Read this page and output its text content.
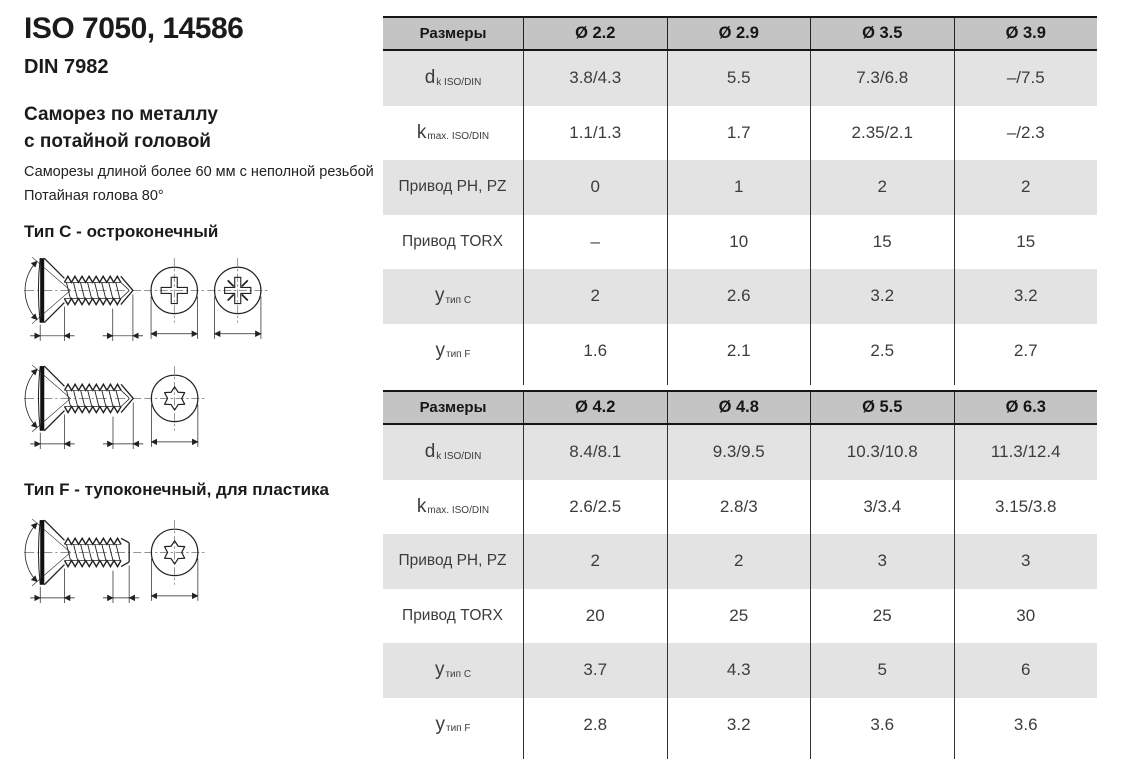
ISO 7050, 14586
DIN 7982
Саморез по металлу
с потайной головой

Саморезы длиной более 60 мм с неполной резьбой
Потайная голова 80°

Тип C - остроконечный
Тип F - тупоконечный, для пластика
Размеры	Ø 2.2	Ø 2.9	Ø 3.5	Ø 3.9
d k ISO/DIN	3.8/4.3	5.5	7.3/6.8	–/7.5
k max. ISO/DIN	1.1/1.3	1.7	2.35/2.1	–/2.3
Привод PH, PZ	0	1	2	2
Привод TORX	–	10	15	15
y тип C	2	2.6	3.2	3.2
y тип F	1.6	2.1	2.5	2.7
Размеры	Ø 4.2	Ø 4.8	Ø 5.5	Ø 6.3
d k ISO/DIN	8.4/8.1	9.3/9.5	10.3/10.8	11.3/12.4
k max. ISO/DIN	2.6/2.5	2.8/3	3/3.4	3.15/3.8
Привод PH, PZ	2	2	3	3
Привод TORX	20	25	25	30
y тип C	3.7	4.3	5	6
y тип F	2.8	3.2	3.6	3.6
